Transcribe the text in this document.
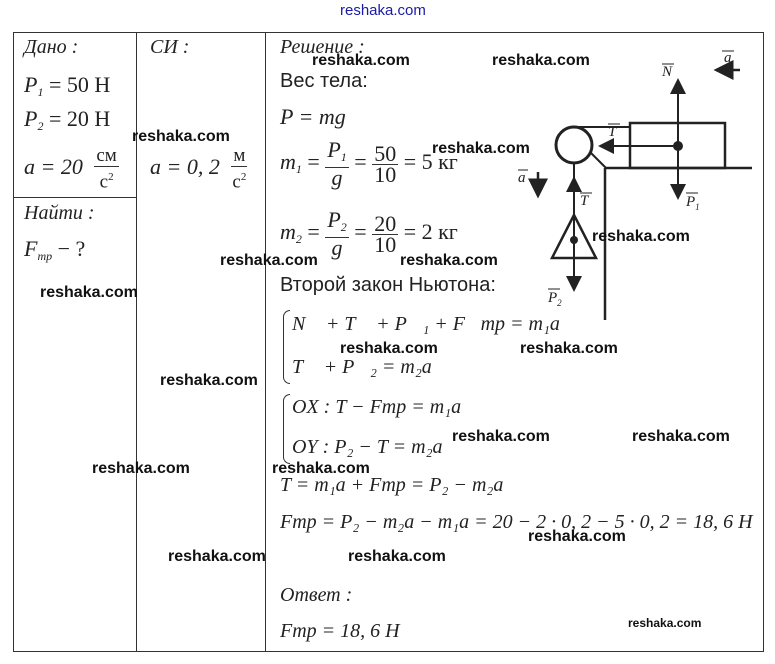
reshaka.com
Дано :
$P_1 = 50$ Н
$P_2 = 20$ Н
$a = 20 \frac{см}{с^2}$
Найти :
$F_{тр}$ − ?
СИ :
a = 0, $2 \frac{м}{с^2}$
Решение :
Вес тела:
P = mg
$m_1 = \frac{P_1}{g} = \frac{50}{10} = 5$ кг
$m_2 = \frac{P_2}{g} = \frac{20}{10} = 2$ кг
Второй закон Ньютона:
N⃗ + T⃗ + P⃗₁ + F⃗тр = m₁a⃗
T⃗ + P⃗₂ = m₂a
OX : T − Fтр = m₁a
OY : P₂ − T = m₂a
T = m₁a + Fтр = P₂ − m₂a
Fтр = P₂ − m₂a − m₁a = 20 − 2 · 0, 2 − 5 · 0, 2 = 18, 6 Н
Ответ :
Fтр = 18, 6 Н
N
a
T
a
T	$P_1$
$P_2$
reshaka.com	reshaka.com
reshaka.com
reshaka.com
reshaka.com
reshaka.com	reshaka.com
reshaka.com
reshaka.com	reshaka.com
reshaka.com
reshaka.com	reshaka.com
reshaka.com	reshaka.com
reshaka.com
reshaka.com	reshaka.com
reshaka.com
